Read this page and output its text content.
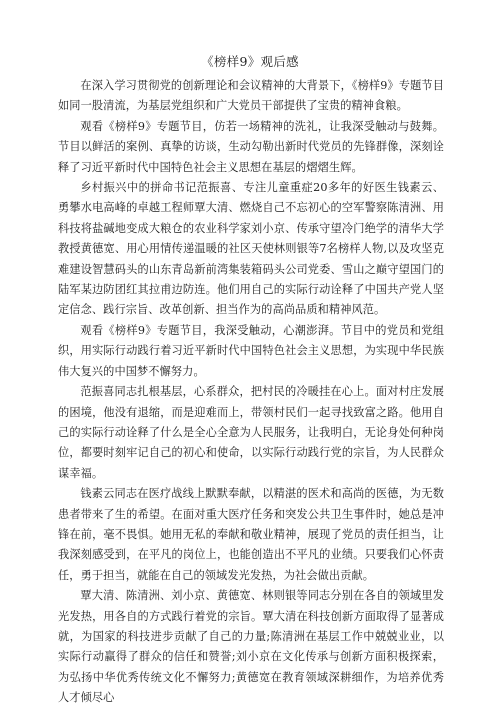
《榜样9》观后感

在深入学习贯彻党的创新理论和会议精神的大背景下，《榜样9》专题节目如同一股清流，为基层党组织和广大党员干部提供了宝贵的精神食粮。

观看《榜样9》专题节目，仿若一场精神的洗礼，让我深受触动与鼓舞。节目以鲜活的案例、真挚的访谈，生动勾勒出新时代党员的先锋群像，深刻诠释了习近平新时代中国特色社会主义思想在基层的熠熠生辉。

乡村振兴中的拼命书记范振喜、专注儿童重症20多年的好医生钱素云、勇攀水电高峰的卓越工程师覃大清、燃烧自己不忘初心的空军警察陈清洲、用科技将盐碱地变成大粮仓的农业科学家刘小京、传承守望冷门绝学的清华大学教授黄德宽、用心用情传递温暖的社区天使林则银等7名榜样人物,以及攻坚克难建设智慧码头的山东青岛新前湾集装箱码头公司党委、雪山之巅守望国门的陆军某边防团红其拉甫边防连。他们用自己的实际行动诠释了中国共产党人坚定信念、践行宗旨、改革创新、担当作为的高尚品质和精神风范。

观看《榜样9》专题节目，我深受触动，心潮澎湃。节目中的党员和党组织，用实际行动践行着习近平新时代中国特色社会主义思想，为实现中华民族伟大复兴的中国梦不懈努力。

范振喜同志扎根基层，心系群众，把村民的冷暖挂在心上。面对村庄发展的困境，他没有退缩，而是迎难而上，带领村民们一起寻找致富之路。他用自己的实际行动诠释了什么是全心全意为人民服务，让我明白，无论身处何种岗位，都要时刻牢记自己的初心和使命，以实际行动践行党的宗旨，为人民群众谋幸福。

钱素云同志在医疗战线上默默奉献，以精湛的医术和高尚的医德，为无数患者带来了生的希望。在面对重大医疗任务和突发公共卫生事件时，她总是冲锋在前，毫不畏惧。她用无私的奉献和敬业精神，展现了党员的责任担当，让我深刻感受到，在平凡的岗位上，也能创造出不平凡的业绩。只要我们心怀责任，勇于担当，就能在自己的领域发光发热，为社会做出贡献。

覃大清、陈清洲、刘小京、黄德宽、林则银等同志分别在各自的领域里发光发热，用各自的方式践行着党的宗旨。覃大清在科技创新方面取得了显著成就，为国家的科技进步贡献了自己的力量;陈清洲在基层工作中兢兢业业，以实际行动赢得了群众的信任和赞誉;刘小京在文化传承与创新方面积极探索，为弘扬中华优秀传统文化不懈努力;黄德宽在教育领域深耕细作，为培养优秀人才倾尽心
